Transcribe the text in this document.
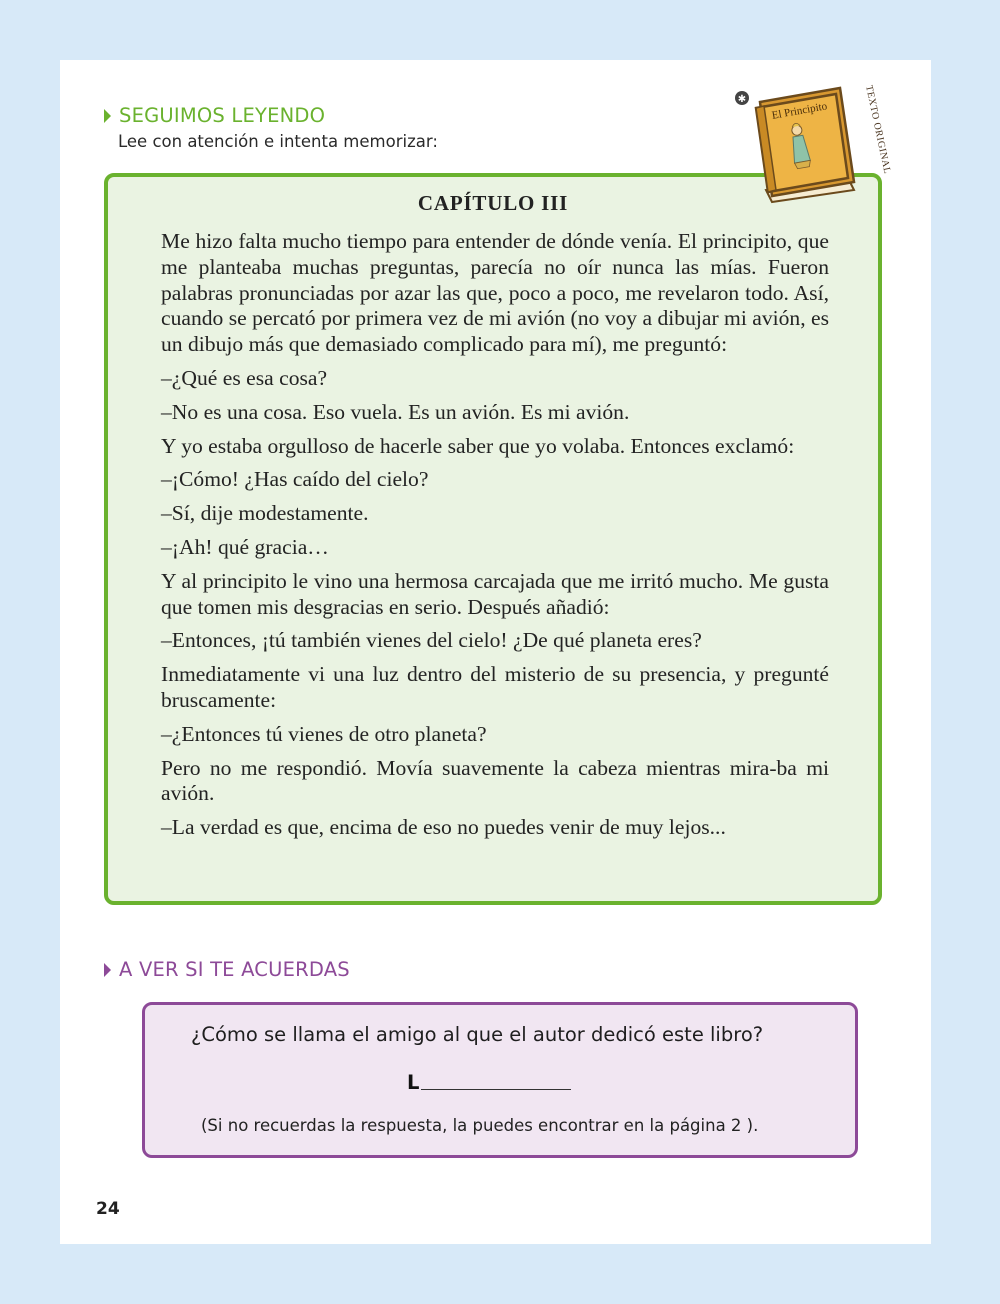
SEGUIMOS LEYENDO
Lee con atención e intenta memorizar:
CAPÍTULO III

Me hizo falta mucho tiempo para entender de dónde venía. El principito, que me planteaba muchas preguntas, parecía no oír nunca las mías. Fueron palabras pronunciadas por azar las que, poco a poco, me revelaron todo. Así, cuando se percató por primera vez de mi avión (no voy a dibujar mi avión, es un dibujo más que demasiado complicado para mí), me preguntó:

–¿Qué es esa cosa?

–No es una cosa. Eso vuela. Es un avión. Es mi avión.

Y yo estaba orgulloso de hacerle saber que yo volaba. Entonces exclamó:

–¡Cómo! ¿Has caído del cielo?

–Sí, dije modestamente.

–¡Ah! qué gracia…

Y al principito le vino una hermosa carcajada que me irritó mucho. Me gusta que tomen mis desgracias en serio. Después añadió:

–Entonces, ¡tú también vienes del cielo! ¿De qué planeta eres?

Inmediatamente vi una luz dentro del misterio de su presencia, y pregunté bruscamente:

–¿Entonces tú vienes de otro planeta?

Pero no me respondió. Movía suavemente la cabeza mientras mira-ba mi avión.

–La verdad es que, encima de eso no puedes venir de muy lejos...

✱
El Principito	TEXTO ORIGINAL
A VER SI TE ACUERDAS
¿Cómo se llama el amigo al que el autor dedicó este libro?
L
(Si no recuerdas la respuesta, la puedes encontrar en la página 2 ).
24
